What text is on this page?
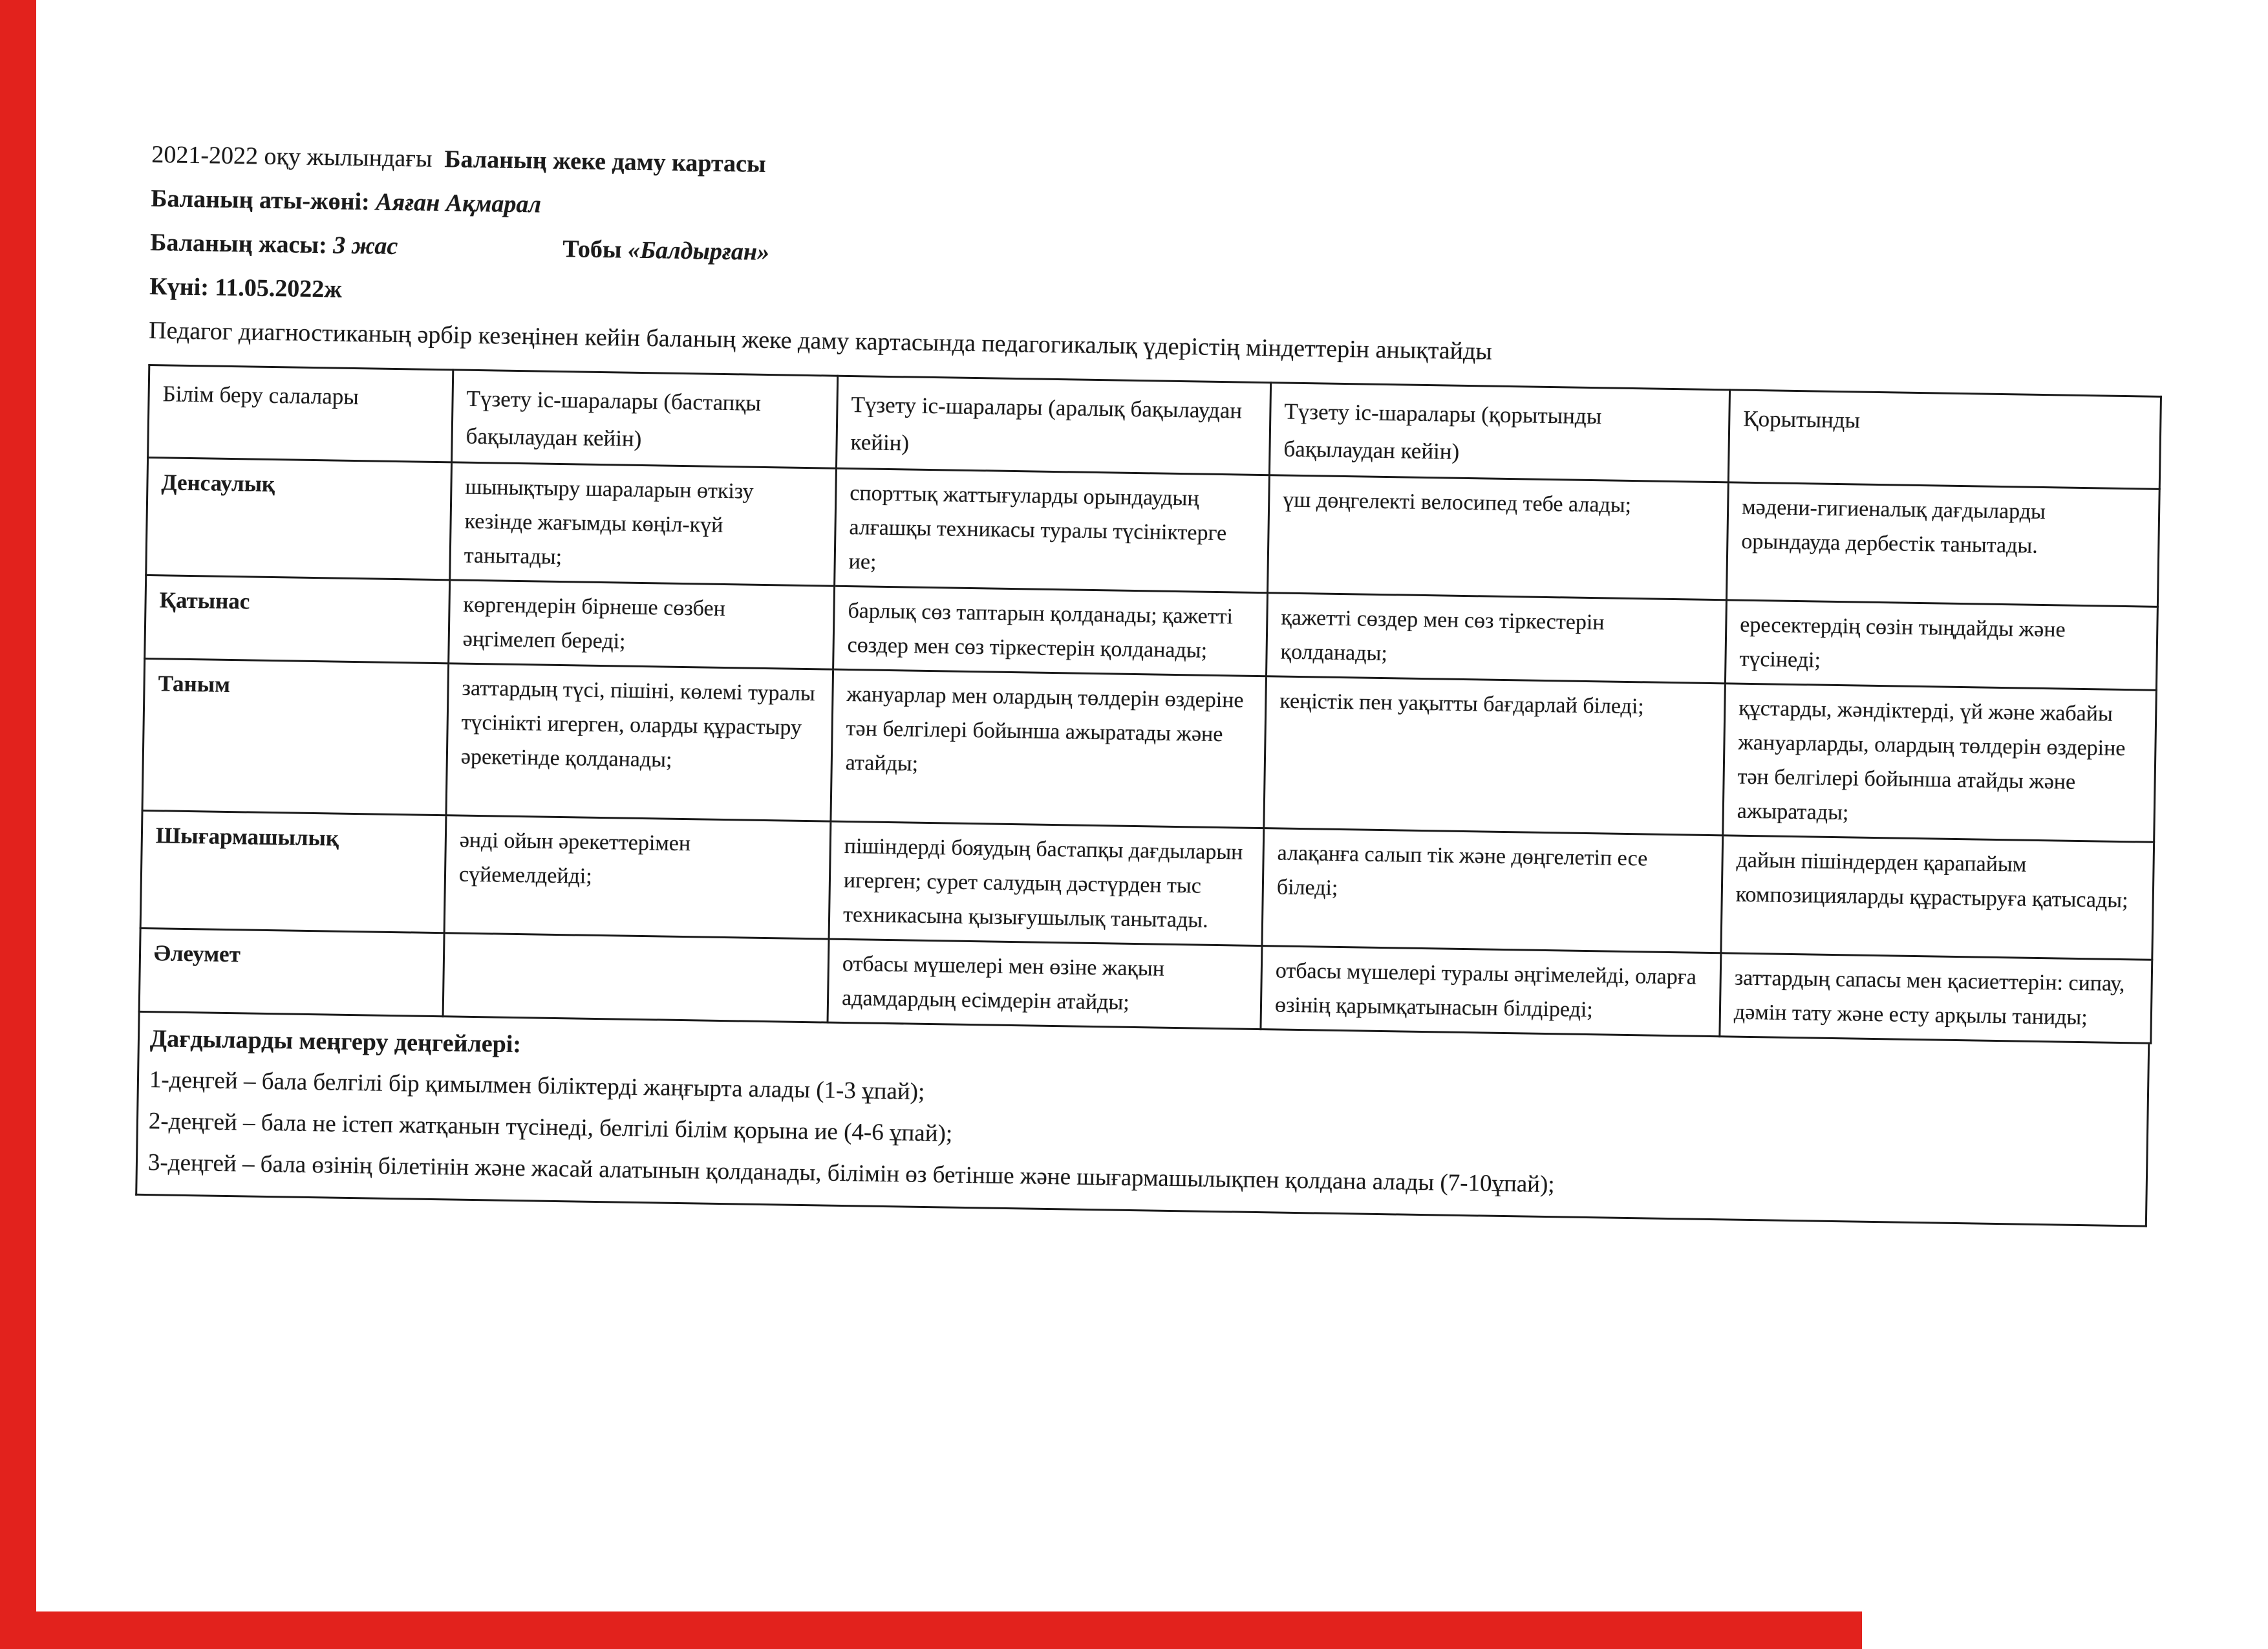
2021-2022 оқу жылындағы Баланың жеке даму картасы

Баланың аты-жөні: Аяған Ақмарал

Баланың жасы: 3 жас	Тобы «Балдырған»

Күні: 11.05.2022ж

Педагог диагностиканың әрбір кезеңінен кейін баланың жеке даму картасында педагогикалық үдерістің міндеттерін анықтайды

Білім беру салалары	Түзету іс-шаралары (бастапқы бақылаудан кейін)	Түзету іс-шаралары (аралық бақылаудан кейін)	Түзету іс-шаралары (қорытынды бақылаудан кейін)	Қорытынды
Денсаулық	шынықтыру шараларын өткізу кезінде жағымды көңіл-күй танытады;	спорттық жаттығуларды орындаудың алғашқы техникасы туралы түсініктерге ие;	үш дөңгелекті велосипед тебе алады;	мәдени-гигиеналық дағдыларды орындауда дербестік танытады.
Қатынас	көргендерін бірнеше сөзбен әңгімелеп береді;	барлық сөз таптарын қолданады; қажетті сөздер мен сөз тіркестерін қолданады;	қажетті сөздер мен сөз тіркестерін қолданады;	ересектердің сөзін тыңдайды және түсінеді;
Таным	заттардың түсі, пішіні, көлемі туралы түсінікті игерген, оларды құрастыру әрекетінде қолданады;	жануарлар мен олардың төлдерін өздеріне тән белгілері бойынша ажыратады және атайды;	кеңістік пен уақытты бағдарлай біледі;	құстарды, жәндіктерді, үй және жабайы жануарларды, олардың төлдерін өздеріне тән белгілері бойынша атайды және ажыратады;
Шығармашылық	әнді ойын әрекеттерімен сүйемелдейді;	пішіндерді бояудың бастапқы дағдыларын игерген; сурет салудың дәстүрден тыс техникасына қызығушылық танытады.	алақанға салып тік және дөңгелетіп есе біледі;	дайын пішіндерден қарапайым композицияларды құрастыруға қатысады;
Әлеумет		отбасы мүшелері мен өзіне жақын адамдардың есімдерін атайды;	отбасы мүшелері туралы әңгімелейді, оларға өзінің қарымқатынасын білдіреді;	заттардың сапасы мен қасиеттерін: сипау, дәмін тату және есту арқылы таниды;

Дағдыларды меңгеру деңгейлері:

1-деңгей – бала белгілі бір қимылмен біліктерді жаңғырта алады (1-3 ұпай);

2-деңгей – бала не істеп жатқанын түсінеді, белгілі білім қорына ие (4-6 ұпай);

3-деңгей – бала өзінің білетінін және жасай алатынын қолданады, білімін өз бетінше және шығармашылықпен қолдана алады (7-10ұпай);
